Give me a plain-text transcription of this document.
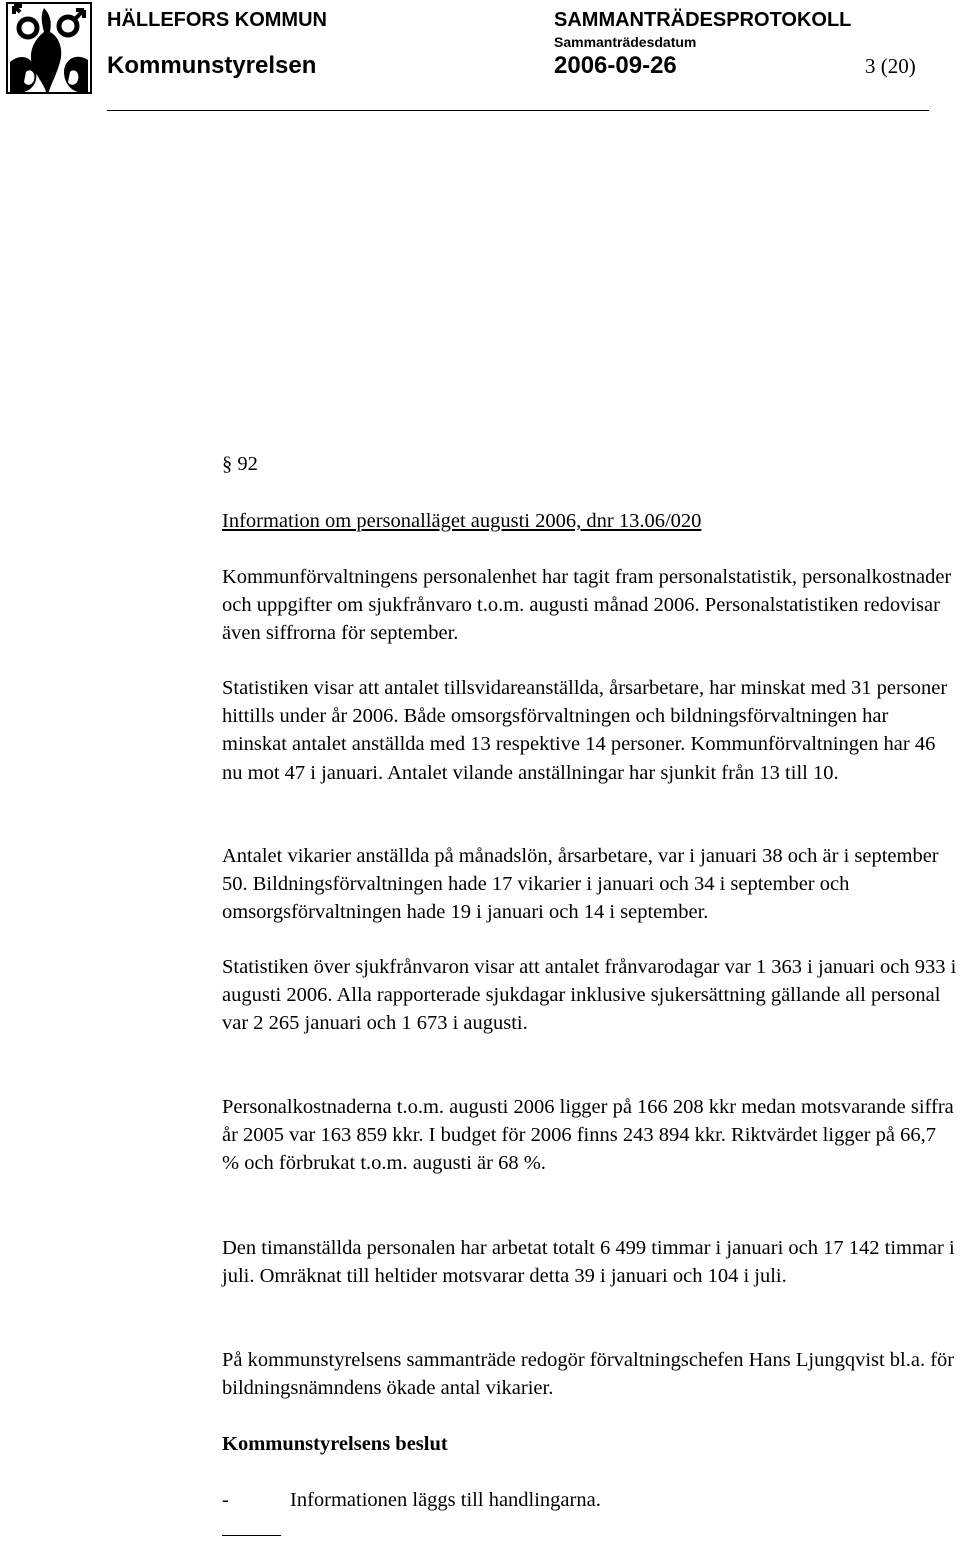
HÄLLEFORS KOMMUN	SAMMANTRÄDESPROTOKOLL
Sammanträdesdatum
Kommunstyrelsen	2006-09-26	3 (20)
§ 92
Information om personalläget augusti 2006, dnr 13.06/020

Kommunförvaltningens personalenhet har tagit fram personalstatistik, personalkostnader och uppgifter om sjukfrånvaro t.o.m. augusti månad 2006. Personalstatistiken redovisar även siffrorna för september.

Statistiken visar att antalet tillsvidareanställda, årsarbetare, har minskat med 31 personer hittills under år 2006. Både omsorgsförvaltningen och bildningsförvaltningen har minskat antalet anställda med 13 respektive 14 personer. Kommunförvaltningen har 46 nu mot 47 i januari. Antalet vilande anställningar har sjunkit från 13 till 10.

Antalet vikarier anställda på månadslön, årsarbetare, var i januari 38 och är i september 50. Bildningsförvaltningen hade 17 vikarier i januari och 34 i september och omsorgsförvaltningen hade 19 i januari och 14 i september.

Statistiken över sjukfrånvaron visar att antalet frånvarodagar var 1 363 i januari och 933 i augusti 2006. Alla rapporterade sjukdagar inklusive sjukersättning gällande all personal var 2 265 januari och 1 673 i augusti.

Personalkostnaderna t.o.m. augusti 2006 ligger på 166 208 kkr medan motsvarande siffra år 2005 var 163 859 kkr. I budget för 2006 finns 243 894 kkr. Riktvärdet ligger på 66,7 % och förbrukat t.o.m. augusti är 68 %.

Den timanställda personalen har arbetat totalt 6 499 timmar i januari och 17 142 timmar i juli. Omräknat till heltider motsvarar detta 39 i januari och 104 i juli.

På kommunstyrelsens sammanträde redogör förvaltningschefen Hans Ljungqvist bl.a. för bildningsnämndens ökade antal vikarier.

Kommunstyrelsens beslut
-	Informationen läggs till handlingarna.
